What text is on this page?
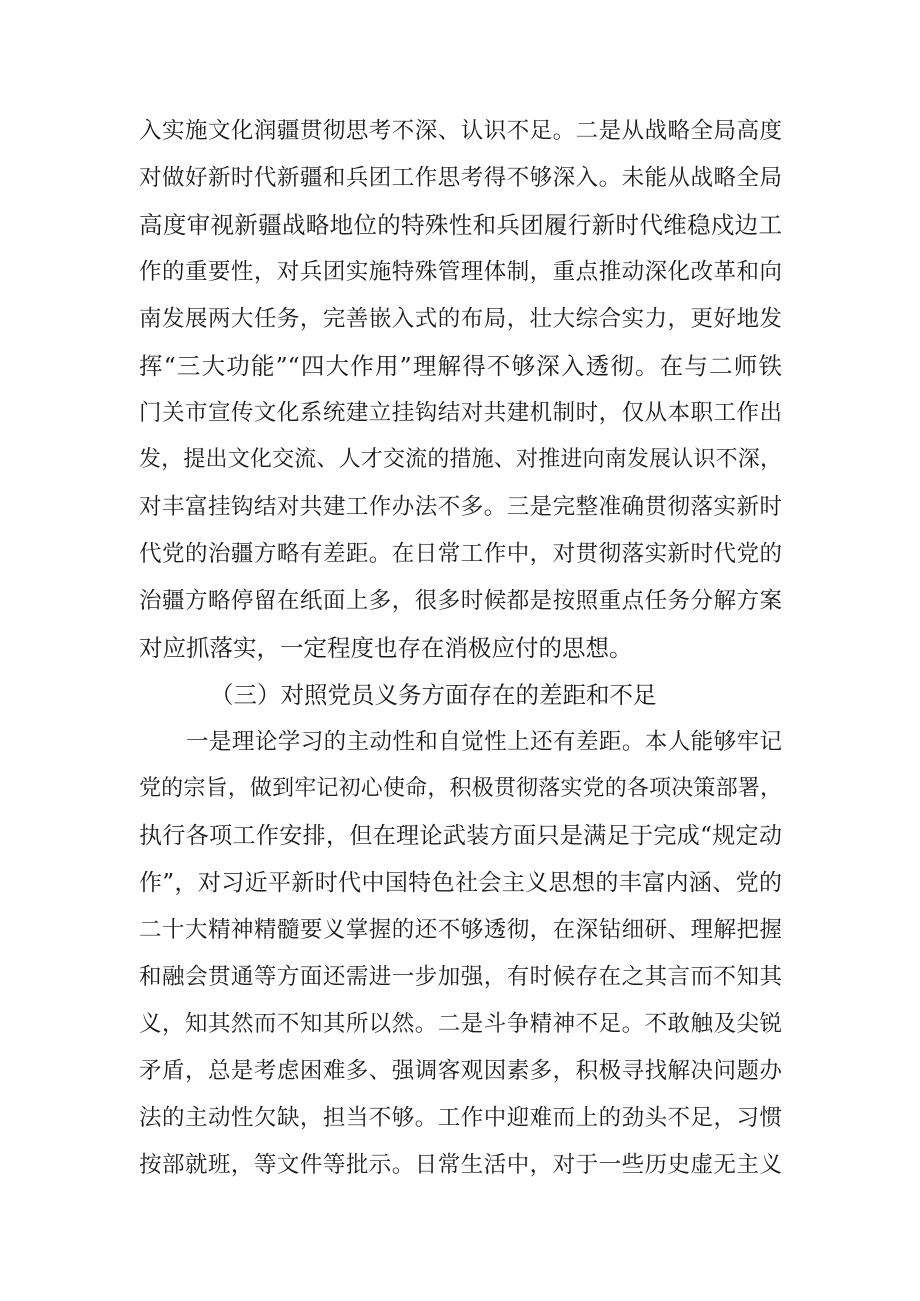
入实施文化润疆贯彻思考不深、认识不足。二是从战略全局高度
对做好新时代新疆和兵团工作思考得不够深入。未能从战略全局
高度审视新疆战略地位的特殊性和兵团履行新时代维稳戍边工
作的重要性，对兵团实施特殊管理体制，重点推动深化改革和向
南发展两大任务，完善嵌入式的布局，壮大综合实力，更好地发
挥“三大功能”“四大作用”理解得不够深入透彻。在与二师铁
门关市宣传文化系统建立挂钩结对共建机制时，仅从本职工作出
发，提出文化交流、人才交流的措施、对推进向南发展认识不深，
对丰富挂钩结对共建工作办法不多。三是完整准确贯彻落实新时
代党的治疆方略有差距。在日常工作中，对贯彻落实新时代党的
治疆方略停留在纸面上多，很多时候都是按照重点任务分解方案
对应抓落实，一定程度也存在消极应付的思想。
（三）对照党员义务方面存在的差距和不足
一是理论学习的主动性和自觉性上还有差距。本人能够牢记
党的宗旨，做到牢记初心使命，积极贯彻落实党的各项决策部署，
执行各项工作安排，但在理论武装方面只是满足于完成“规定动
作”，对习近平新时代中国特色社会主义思想的丰富内涵、党的
二十大精神精髓要义掌握的还不够透彻，在深钻细研、理解把握
和融会贯通等方面还需进一步加强，有时候存在之其言而不知其
义，知其然而不知其所以然。二是斗争精神不足。不敢触及尖锐
矛盾，总是考虑困难多、强调客观因素多，积极寻找解决问题办
法的主动性欠缺，担当不够。工作中迎难而上的劲头不足，习惯
按部就班，等文件等批示。日常生活中，对于一些历史虚无主义
